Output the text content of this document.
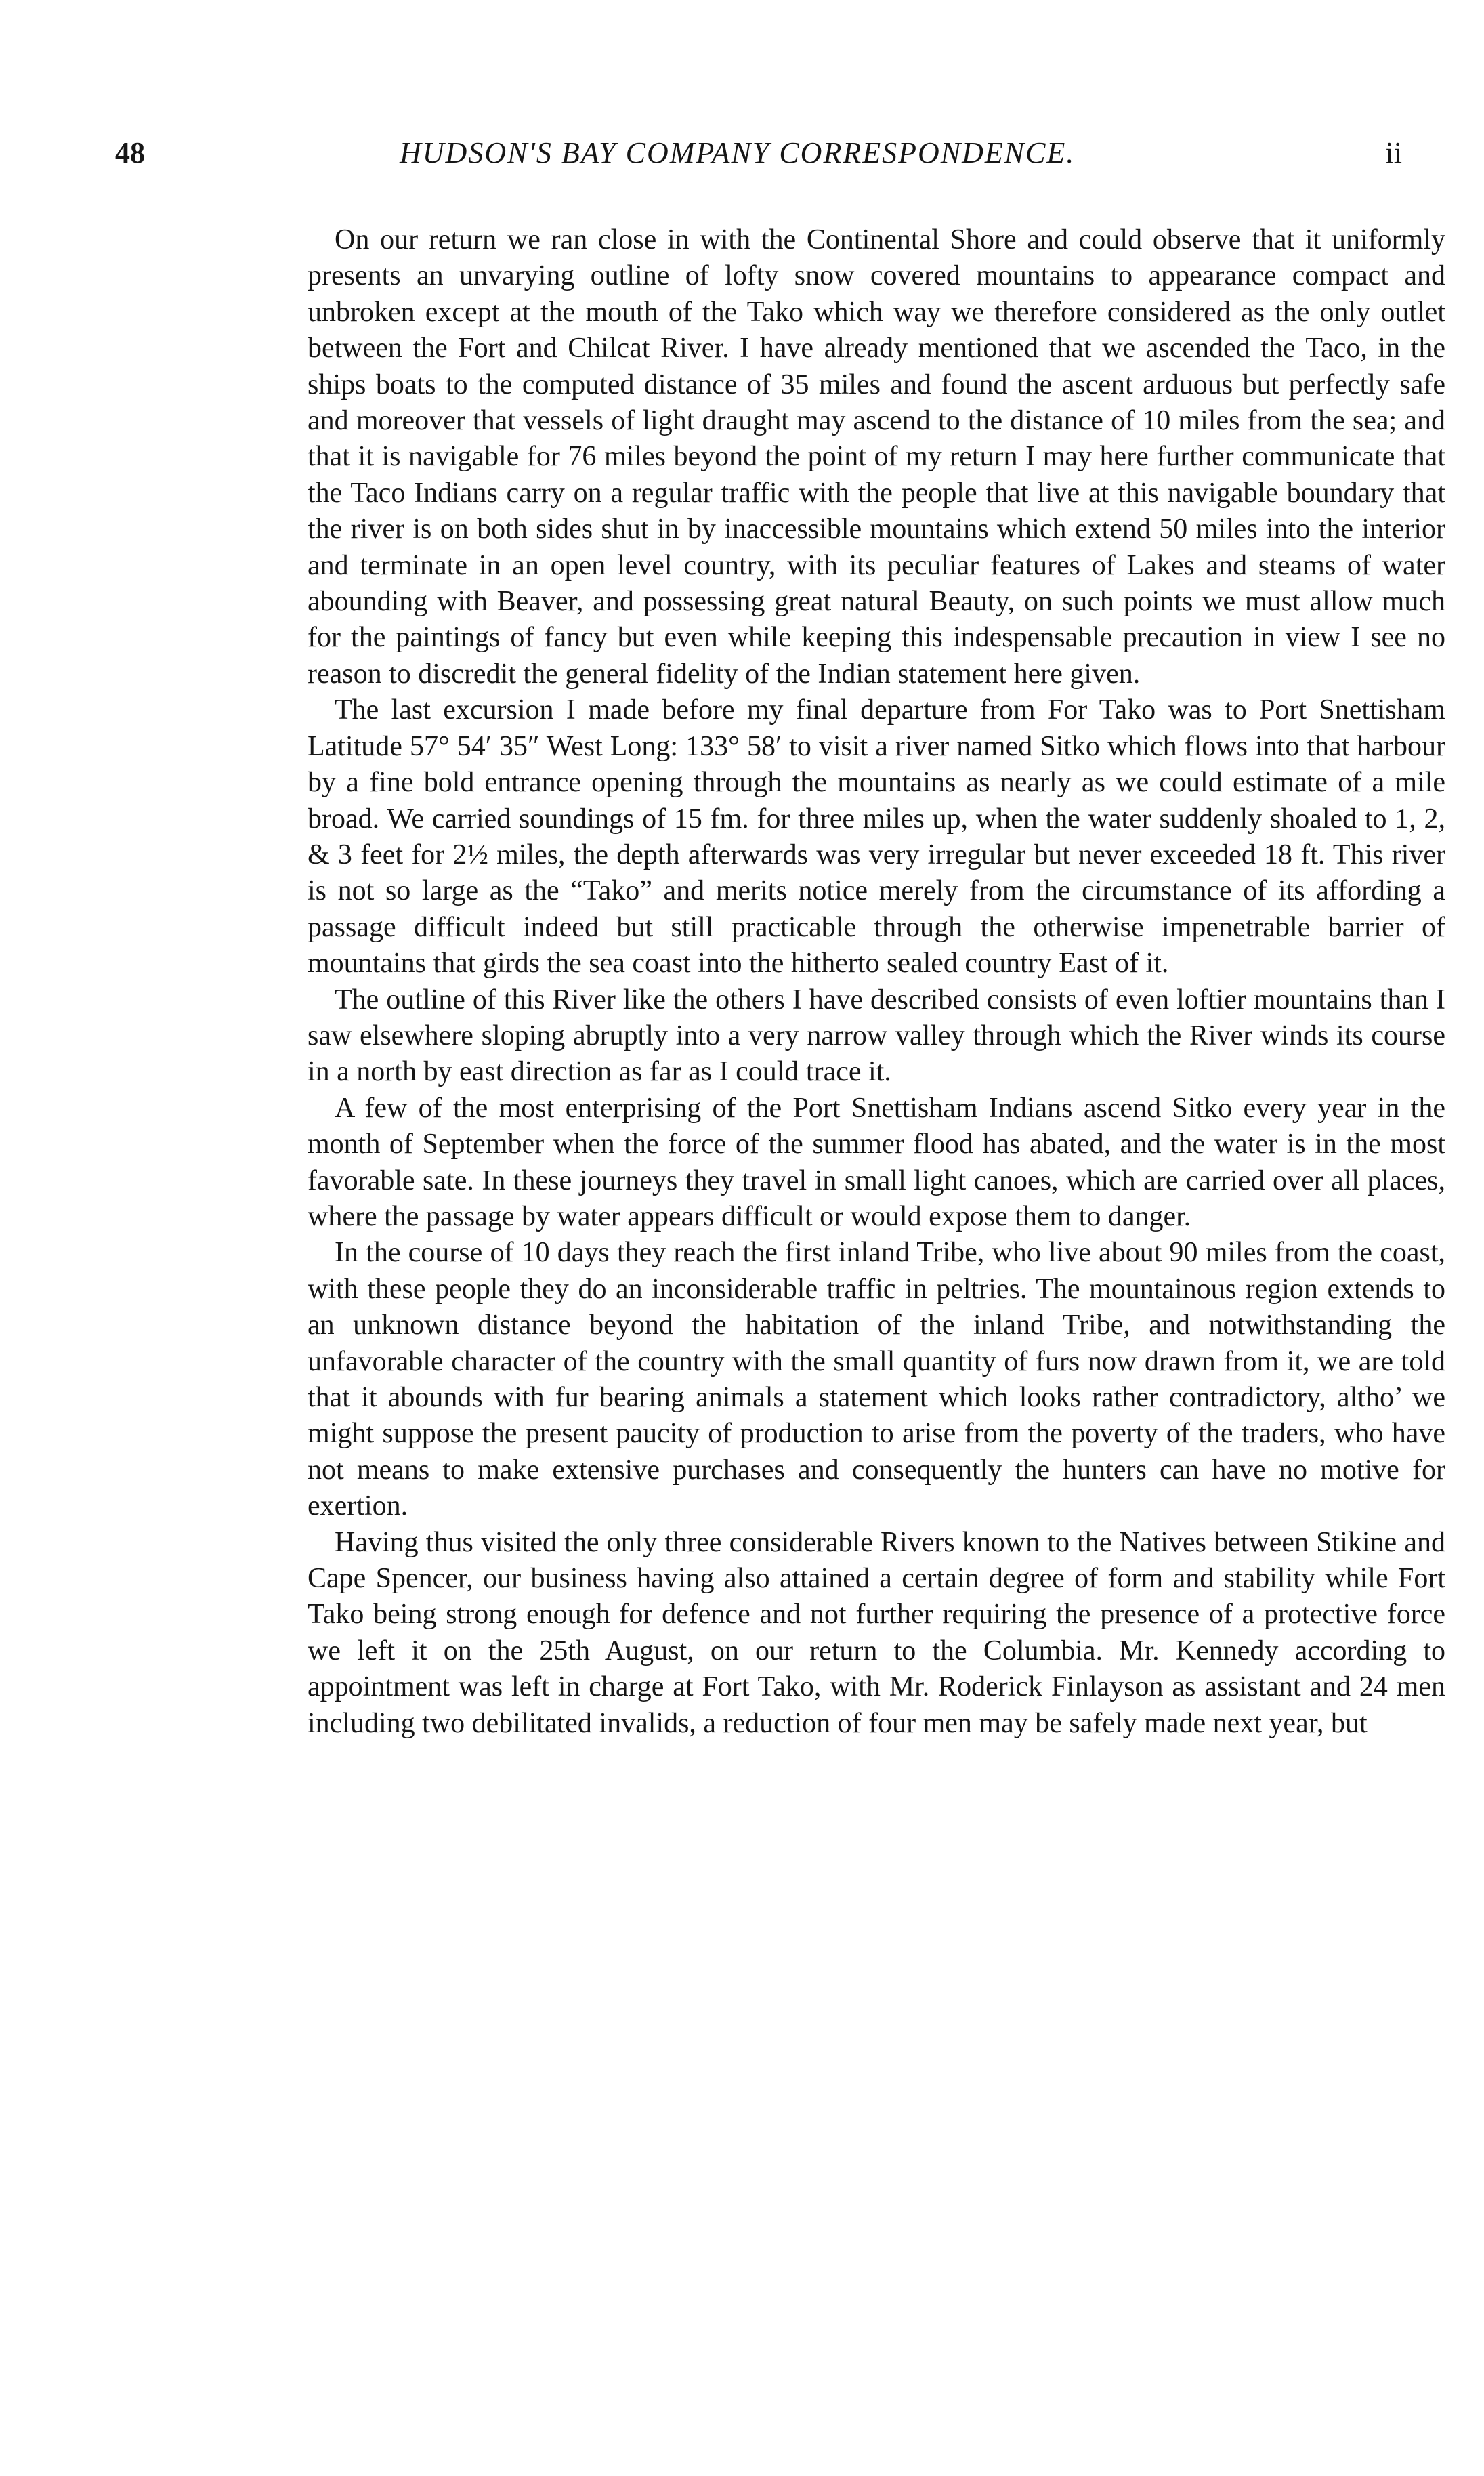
48	HUDSON'S BAY COMPANY CORRESPONDENCE.	ii

On our return we ran close in with the Continental Shore and could observe that it uniformly presents an unvarying outline of lofty snow covered mountains to appearance compact and unbroken except at the mouth of the Tako which way we therefore considered as the only outlet between the Fort and Chilcat River. I have already mentioned that we ascended the Taco, in the ships boats to the computed distance of 35 miles and found the ascent arduous but perfectly safe and moreover that vessels of light draught may ascend to the distance of 10 miles from the sea; and that it is navigable for 76 miles beyond the point of my return I may here further communicate that the Taco Indians carry on a regular traffic with the people that live at this navigable boundary that the river is on both sides shut in by inaccessible mountains which extend 50 miles into the interior and terminate in an open level country, with its peculiar features of Lakes and steams of water abounding with Beaver, and possessing great natural Beauty, on such points we must allow much for the paintings of fancy but even while keeping this indespensable precaution in view I see no reason to discredit the general fidelity of the Indian statement here given.

The last excursion I made before my final departure from For Tako was to Port Snettisham Latitude 57° 54′ 35″ West Long: 133° 58′ to visit a river named Sitko which flows into that harbour by a fine bold entrance opening through the mountains as nearly as we could estimate of a mile broad. We carried soundings of 15 fm. for three miles up, when the water suddenly shoaled to 1, 2, & 3 feet for 2½ miles, the depth afterwards was very irregular but never exceeded 18 ft. This river is not so large as the “Tako” and merits notice merely from the circumstance of its affording a passage difficult indeed but still practicable through the otherwise impenetrable barrier of mountains that girds the sea coast into the hitherto sealed country East of it.

The outline of this River like the others I have described consists of even loftier mountains than I saw elsewhere sloping abruptly into a very narrow valley through which the River winds its course in a north by east direction as far as I could trace it.

A few of the most enterprising of the Port Snettisham Indians ascend Sitko every year in the month of September when the force of the summer flood has abated, and the water is in the most favorable sate. In these journeys they travel in small light canoes, which are carried over all places, where the passage by water appears difficult or would expose them to danger.

In the course of 10 days they reach the first inland Tribe, who live about 90 miles from the coast, with these people they do an inconsiderable traffic in peltries. The mountainous region extends to an unknown distance beyond the habitation of the inland Tribe, and notwithstanding the unfavorable character of the country with the small quantity of furs now drawn from it, we are told that it abounds with fur bearing animals a statement which looks rather contradictory, altho’ we might suppose the present paucity of production to arise from the poverty of the traders, who have not means to make extensive purchases and consequently the hunters can have no motive for exertion.

Having thus visited the only three considerable Rivers known to the Natives between Stikine and Cape Spencer, our business having also attained a certain degree of form and stability while Fort Tako being strong enough for defence and not further requiring the presence of a protective force we left it on the 25th August, on our return to the Columbia. Mr. Kennedy according to appointment was left in charge at Fort Tako, with Mr. Roderick Finlayson as assistant and 24 men including two debilitated invalids, a reduction of four men may be safely made next year, but
